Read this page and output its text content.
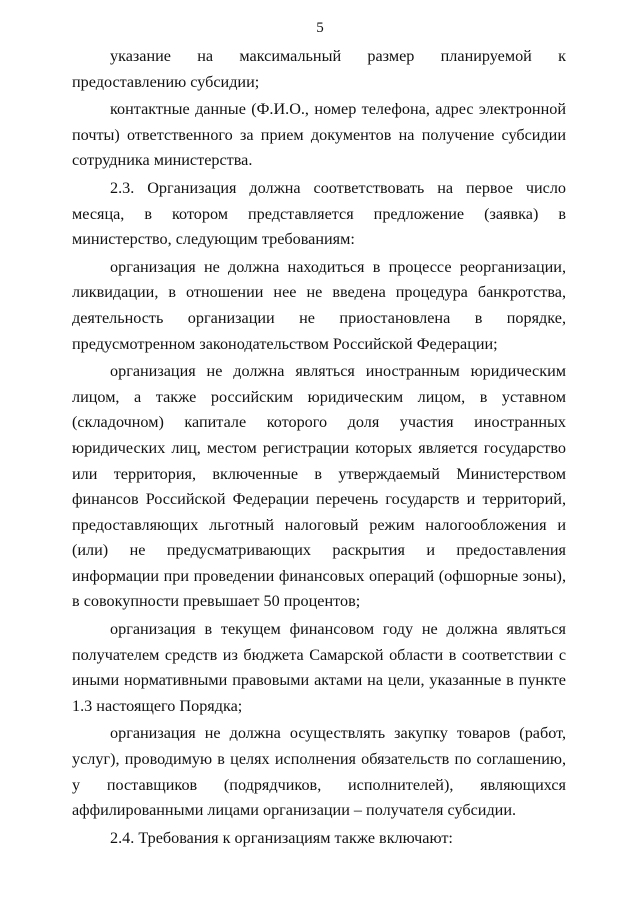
5

указание на максимальный размер планируемой к предоставлению субсидии;

контактные данные (Ф.И.О., номер телефона, адрес электронной почты) ответственного за прием документов на получение субсидии сотрудника министерства.

2.3. Организация должна соответствовать на первое число месяца, в котором представляется предложение (заявка) в министерство, следующим требованиям:

организация не должна находиться в процессе реорганизации, ликвидации, в отношении нее не введена процедура банкротства, деятельность организации не приостановлена в порядке, предусмотренном законодательством Российской Федерации;

организация не должна являться иностранным юридическим лицом, а также российским юридическим лицом, в уставном (складочном) капитале которого доля участия иностранных юридических лиц, местом регистрации которых является государство или территория, включенные в утверждаемый Министерством финансов Российской Федерации перечень государств и территорий, предоставляющих льготный налоговый режим налогообложения и (или) не предусматривающих раскрытия и предоставления информации при проведении финансовых операций (офшорные зоны), в совокупности превышает 50 процентов;

организация в текущем финансовом году не должна являться получателем средств из бюджета Самарской области в соответствии с иными нормативными правовыми актами на цели, указанные в пункте 1.3 настоящего Порядка;

организация не должна осуществлять закупку товаров (работ, услуг), проводимую в целях исполнения обязательств по соглашению, у поставщиков (подрядчиков, исполнителей), являющихся аффилированными лицами организации – получателя субсидии.

2.4. Требования к организациям также включают:
